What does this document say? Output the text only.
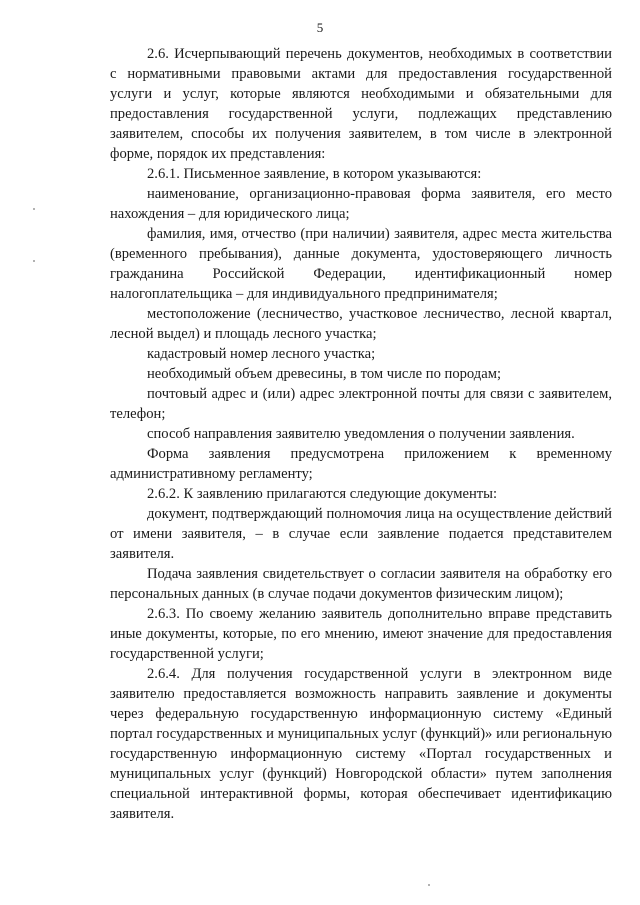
5

2.6. Исчерпывающий перечень документов, необходимых в соответствии с нормативными правовыми актами для предоставления государственной услуги и услуг, которые являются необходимыми и обязательными для предоставления государственной услуги, подлежащих представлению заявителем, способы их получения заявителем, в том числе в электронной форме, порядок их представления:

2.6.1. Письменное заявление, в котором указываются:

наименование, организационно-правовая форма заявителя, его место нахождения – для юридического лица;

фамилия, имя, отчество (при наличии) заявителя, адрес места жительства (временного пребывания), данные документа, удостоверяющего личность гражданина Российской Федерации, идентификационный номер налогоплательщика – для индивидуального предпринимателя;

местоположение (лесничество, участковое лесничество, лесной квартал, лесной выдел) и площадь лесного участка;

кадастровый номер лесного участка;

необходимый объем древесины, в том числе по породам;

почтовый адрес и (или) адрес электронной почты для связи с заявителем, телефон;

способ направления заявителю уведомления о получении заявления.

Форма заявления предусмотрена приложением к временному административному регламенту;

2.6.2. К заявлению прилагаются следующие документы:

документ, подтверждающий полномочия лица на осуществление действий от имени заявителя, – в случае если заявление подается представителем заявителя.

Подача заявления свидетельствует о согласии заявителя на обработку его персональных данных (в случае подачи документов физическим лицом);

2.6.3. По своему желанию заявитель дополнительно вправе представить иные документы, которые, по его мнению, имеют значение для предоставления государственной услуги;

2.6.4. Для получения государственной услуги в электронном виде заявителю предоставляется возможность направить заявление и документы через федеральную государственную информационную систему «Единый портал государственных и муниципальных услуг (функций)» или региональную государственную информационную систему «Портал государственных и муниципальных услуг (функций) Новгородской области» путем заполнения специальной интерактивной формы, которая обеспечивает идентификацию заявителя.
